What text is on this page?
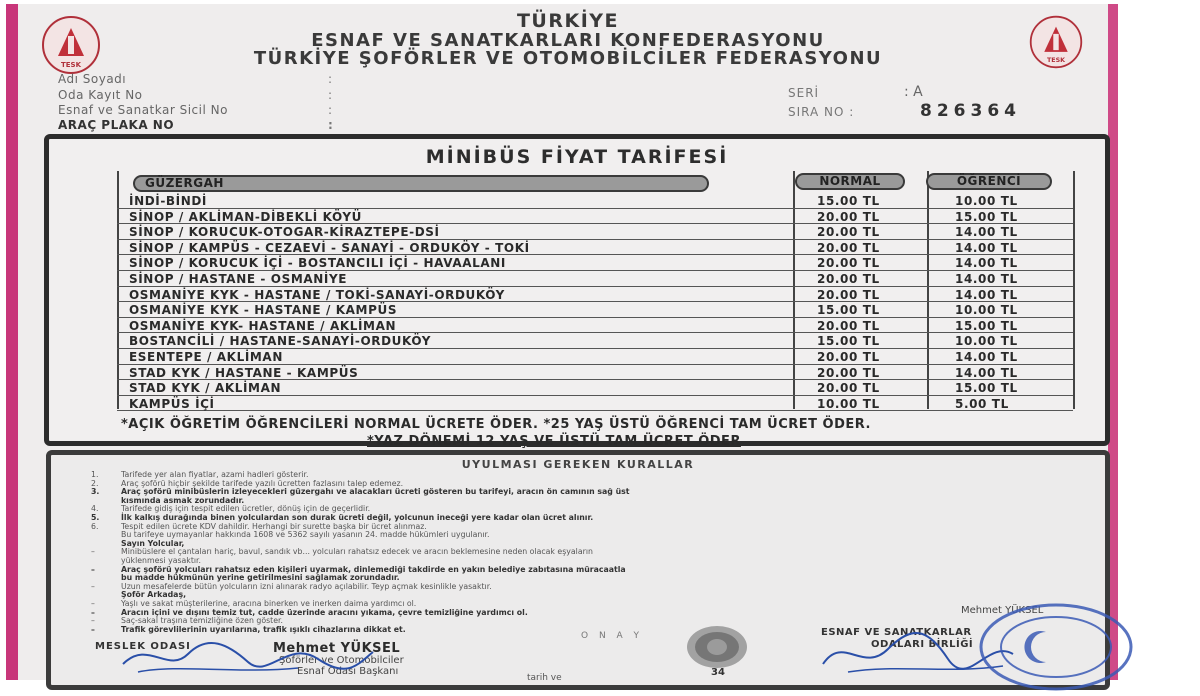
TESK
TESK
TÜRKİYE
ESNAF VE SANATKARLARI KONFEDERASYONU
TÜRKİYE ŞOFÖRLER VE OTOMOBİLCİLER FEDERASYONU
Adı Soyadı	:
Oda Kayıt No	:
Esnaf ve Sanatkar Sicil No	:
ARAÇ PLAKA NO	:
SERİ	: A
SIRA NO :	826364
MİNİBÜS FİYAT TARİFESİ
GÜZERGAH	NORMAL	ÖĞRENCİ
İNDİ-BİNDİ	15.00 TL	10.00 TL
SİNOP / AKLİMAN-DİBEKLİ KÖYÜ	20.00 TL	15.00 TL
SİNOP / KORUCUK-OTOGAR-KİRAZTEPE-DSİ	20.00 TL	14.00 TL
SİNOP / KAMPÜS - CEZAEVİ - SANAYİ - ORDUKÖY - TOKİ	20.00 TL	14.00 TL
SİNOP / KORUCUK İÇİ - BOSTANCILI İÇİ - HAVAALANI	20.00 TL	14.00 TL
SİNOP / HASTANE - OSMANİYE	20.00 TL	14.00 TL
OSMANİYE KYK - HASTANE / TOKİ-SANAYİ-ORDUKÖY	20.00 TL	14.00 TL
OSMANİYE KYK - HASTANE / KAMPÜS	15.00 TL	10.00 TL
OSMANİYE KYK- HASTANE / AKLİMAN	20.00 TL	15.00 TL
BOSTANCİLİ / HASTANE-SANAYİ-ORDUKÖY	15.00 TL	10.00 TL
ESENTEPE / AKLİMAN	20.00 TL	14.00 TL
STAD KYK / HASTANE - KAMPÜS	20.00 TL	14.00 TL
STAD KYK / AKLİMAN	20.00 TL	15.00 TL
KAMPÜS İÇİ	10.00 TL	5.00 TL
*AÇIK ÖĞRETİM ÖĞRENCİLERİ NORMAL ÜCRETE ÖDER. *25 YAŞ ÜSTÜ ÖĞRENCİ TAM ÜCRET ÖDER.
*YAZ DÖNEMİ 12 YAŞ VE ÜSTÜ TAM ÜCRET ÖDER
UYULMASI GEREKEN KURALLAR
1.	Tarifede yer alan fiyatlar, azami hadleri gösterir.
2.	Araç şoförü hiçbir şekilde tarifede yazılı ücretten fazlasını talep edemez.
3.	Araç şoförü minibüslerin izleyecekleri güzergahı ve alacakları ücreti gösteren bu tarifeyi, aracın ön camının sağ üst
kısmında asmak zorundadır.
4.	Tarifede gidiş için tespit edilen ücretler, dönüş için de geçerlidir.
5.	İlk kalkış durağında binen yolculardan son durak ücreti değil, yolcunun ineceği yere kadar olan ücret alınır.
6.	Tespit edilen ücrete KDV dahildir. Herhangi bir surette başka bir ücret alınmaz.
Bu tarifeye uymayanlar hakkında 1608 ve 5362 sayılı yasanın 24. madde hükümleri uygulanır.
Sayın Yolcular,
–	Minibüslere el çantaları hariç, bavul, sandık vb... yolcuları rahatsız edecek ve aracın beklemesine neden olacak eşyaların
yüklenmesi yasaktır.
–	Araç şoförü yolcuları rahatsız eden kişileri uyarmak, dinlemediği takdirde en yakın belediye zabıtasına müracaatla
bu madde hükmünün yerine getirilmesini sağlamak zorundadır.
–	Uzun mesafelerde bütün yolcuların izni alınarak radyo açılabilir. Teyp açmak kesinlikle yasaktır.
Şoför Arkadaş,
–	Yaşlı ve sakat müşterilerine, aracına binerken ve inerken daima yardımcı ol.
–	Aracın içini ve dışını temiz tut, cadde üzerinde aracını yıkama, çevre temizliğine yardımcı ol.
–	Saç-sakal traşına temizliğine özen göster.
–	Trafik görevlilerinin uyarılarına, trafik ışıklı cihazlarına dikkat et.
O N A Y
MESLEK ODASI	Mehmet YÜKSEL
Şoförler ve Otomobilciler
Esnaf Odası Başkanı
tarih ve	34
Mehmet YÜKSEL
ESNAF VE SANATKARLAR
ODALARI BİRLİĞİ
